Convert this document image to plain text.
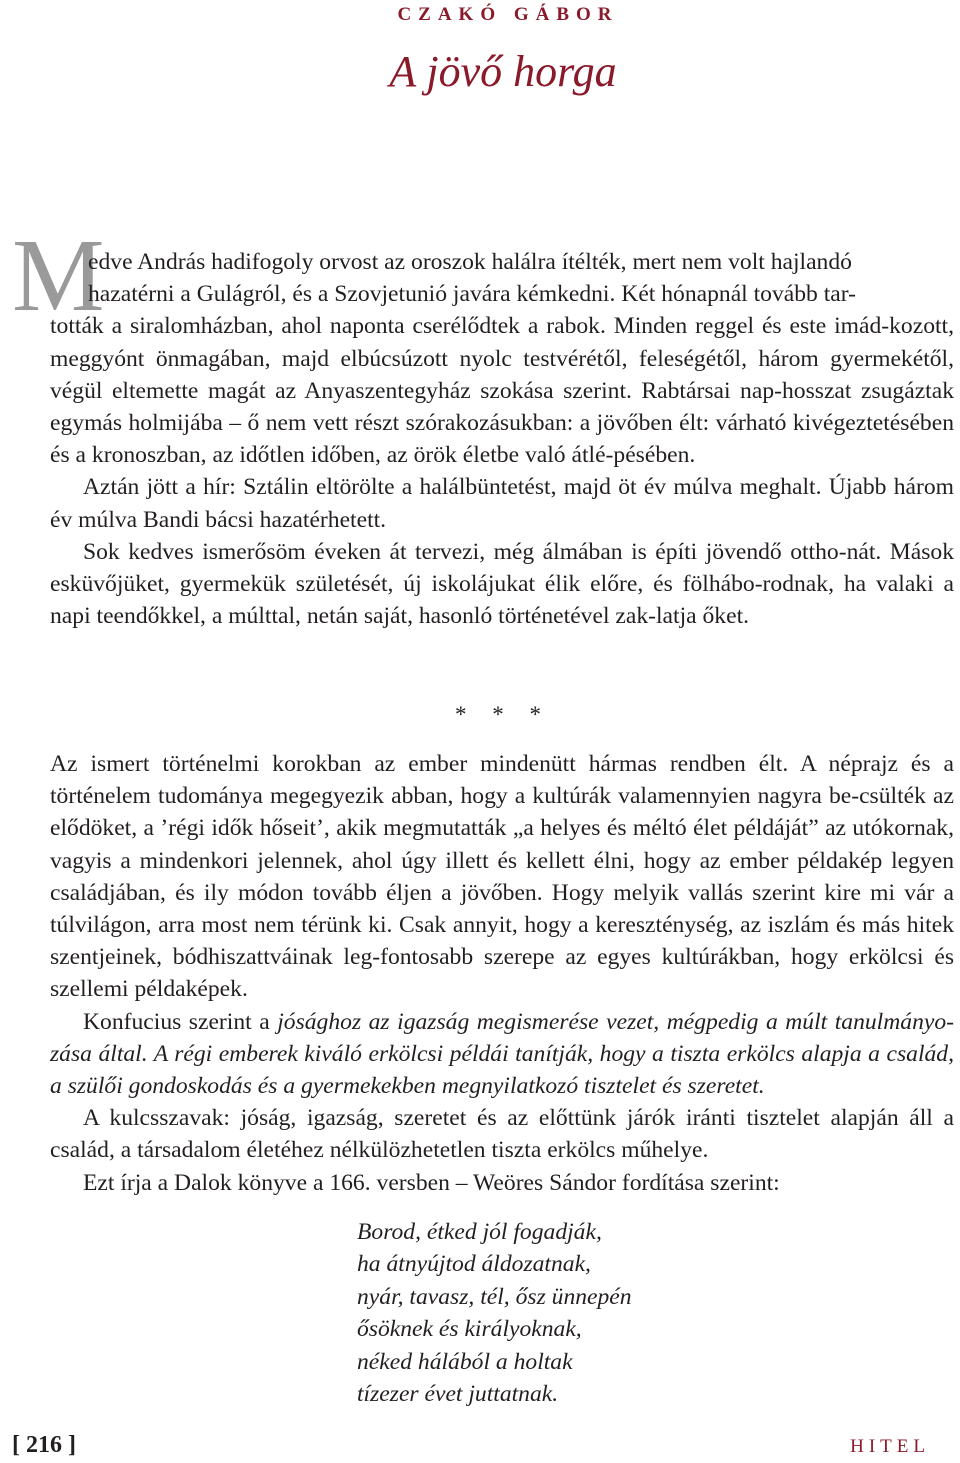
CZAKÓ GÁBOR
A jövő horga
M

edve András hadifogoly orvost az oroszok halálra ítélték, mert nem volt hajlandó

hazatérni a Gulágról, és a Szovjetunió javára kémkedni. Két hónapnál tovább tar-

tották a siralomházban, ahol naponta cserélődtek a rabok. Minden reggel és este imád-kozott, meggyónt önmagában, majd elbúcsúzott nyolc testvérétől, feleségétől, három gyermekétől, végül eltemette magát az Anyaszentegyház szokása szerint. Rabtársai nap-hosszat zsugáztak egymás holmijába – ő nem vett részt szórakozásukban: a jövőben élt: várható kivégeztetésében és a kronoszban, az időtlen időben, az örök életbe való átlé-pésében.

Aztán jött a hír: Sztálin eltörölte a halálbüntetést, majd öt év múlva meghalt. Újabb három év múlva Bandi bácsi hazatérhetett.

Sok kedves ismerősöm éveken át tervezi, még álmában is építi jövendő ottho-nát. Mások esküvőjüket, gyermekük születését, új iskolájukat élik előre, és fölhábo-rodnak, ha valaki a napi teendőkkel, a múlttal, netán saját, hasonló történetével zak-latja őket.

* * *

Az ismert történelmi korokban az ember mindenütt hármas rendben élt. A néprajz és a történelem tudománya megegyezik abban, hogy a kultúrák valamennyien nagyra be-csülték az elődöket, a ’régi idők hőseit’, akik megmutatták „a helyes és méltó élet példáját” az utókornak, vagyis a mindenkori jelennek, ahol úgy illett és kellett élni, hogy az ember példakép legyen családjában, és ily módon tovább éljen a jövőben. Hogy melyik vallás szerint kire mi vár a túlvilágon, arra most nem térünk ki. Csak annyit, hogy a kereszténység, az iszlám és más hitek szentjeinek, bódhiszattváinak leg-fontosabb szerepe az egyes kultúrákban, hogy erkölcsi és szellemi példaképek.

Konfucius szerint a jósághoz az igazság megismerése vezet, mégpedig a múlt tanulmányo-zása által. A régi emberek kiváló erkölcsi példái tanítják, hogy a tiszta erkölcs alapja a család, a szülői gondoskodás és a gyermekekben megnyilatkozó tisztelet és szeretet.

A kulcsszavak: jóság, igazság, szeretet és az előttünk járók iránti tisztelet alapján áll a család, a társadalom életéhez nélkülözhetetlen tiszta erkölcs műhelye.

Ezt írja a Dalok könyve a 166. versben – Weöres Sándor fordítása szerint:

Borod, étked jól fogadják,
ha átnyújtod áldozatnak,
nyár, tavasz, tél, ősz ünnepén
ősöknek és királyoknak,
néked hálából a holtak
tízezer évet juttatnak.
[ 216 ]	HITEL
